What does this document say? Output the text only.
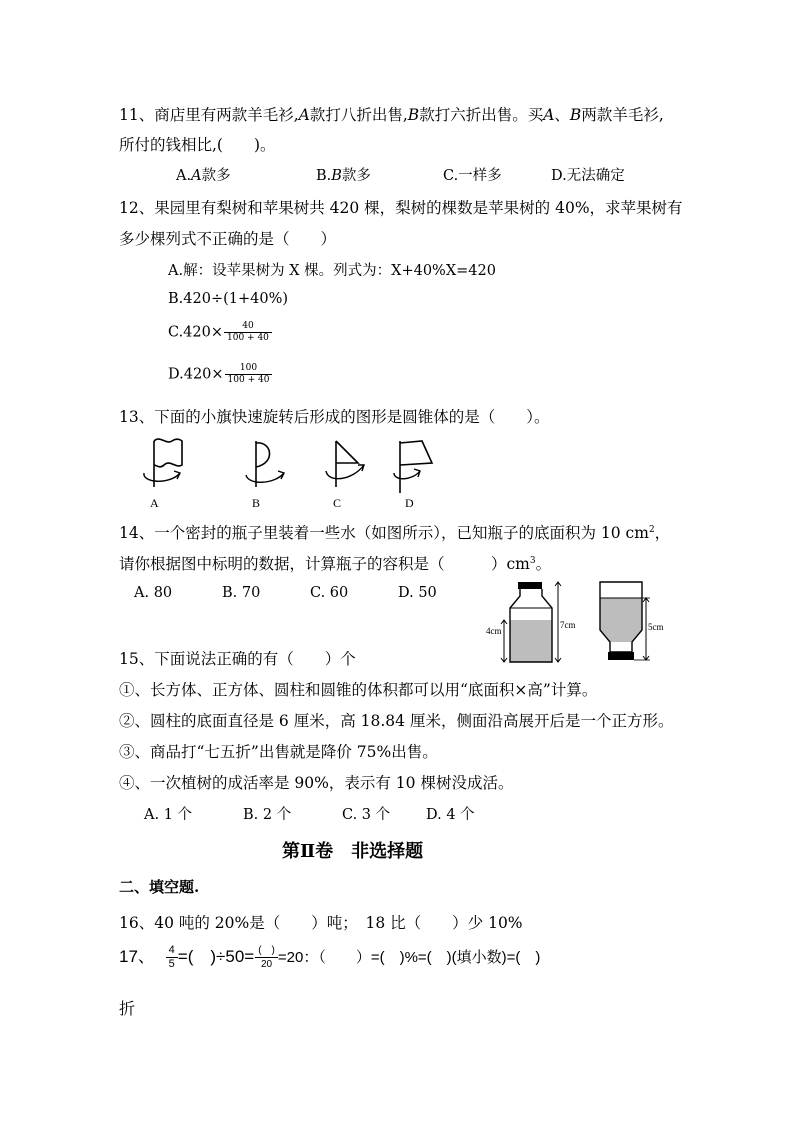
11、商店里有两款羊毛衫,A款打八折出售,B款打六折出售。买A、B两款羊毛衫,
所付的钱相比,(　　)。
A.A款多	B.B款多	C.一样多	D.无法确定
12、果园里有梨树和苹果树共 420 棵，梨树的棵数是苹果树的 40%，求苹果树有
多少棵列式不正确的是（　　）
A.解：设苹果树为 X 棵。列式为：X+40%X=420
B.420÷(1+40%)
$C.420\times \frac{40}{100 + 40}$
$D.420\times \frac{100}{100 + 40}$
13、下面的小旗快速旋转后形成的图形是圆锥体的是（　　）。
A	B	C	D
14、一个密封的瓶子里装着一些水（如图所示），已知瓶子的底面积为 10 $cm^2$，
请你根据图中标明的数据，计算瓶子的容积是（　　　）$cm^3$。
A. 80	B. 70	C. 60	D. 50
4cm
7cm	5cm
15、下面说法正确的有（　　）个
①、长方体、正方体、圆柱和圆锥的体积都可以用“底面积×高”计算。
②、圆柱的底面直径是 6 厘米，高 18.84 厘米，侧面沿高展开后是一个正方形。
③、商品打“七五折”出售就是降价 75%出售。
④、一次植树的成活率是 90%，表示有 10 棵树没成活。
A. 1 个	B. 2 个	C. 3 个 D. 4 个
第Ⅱ卷　非选择题
二、填空题.
16、40 吨的 20%是（　　）吨；　18 比（　　）少 10%
17、 $\frac{4}{5}$ =(　)$\div 50= \frac{( )}{20} =20$：（　　）=(　)%=(　)(填小数)=(　)
折
